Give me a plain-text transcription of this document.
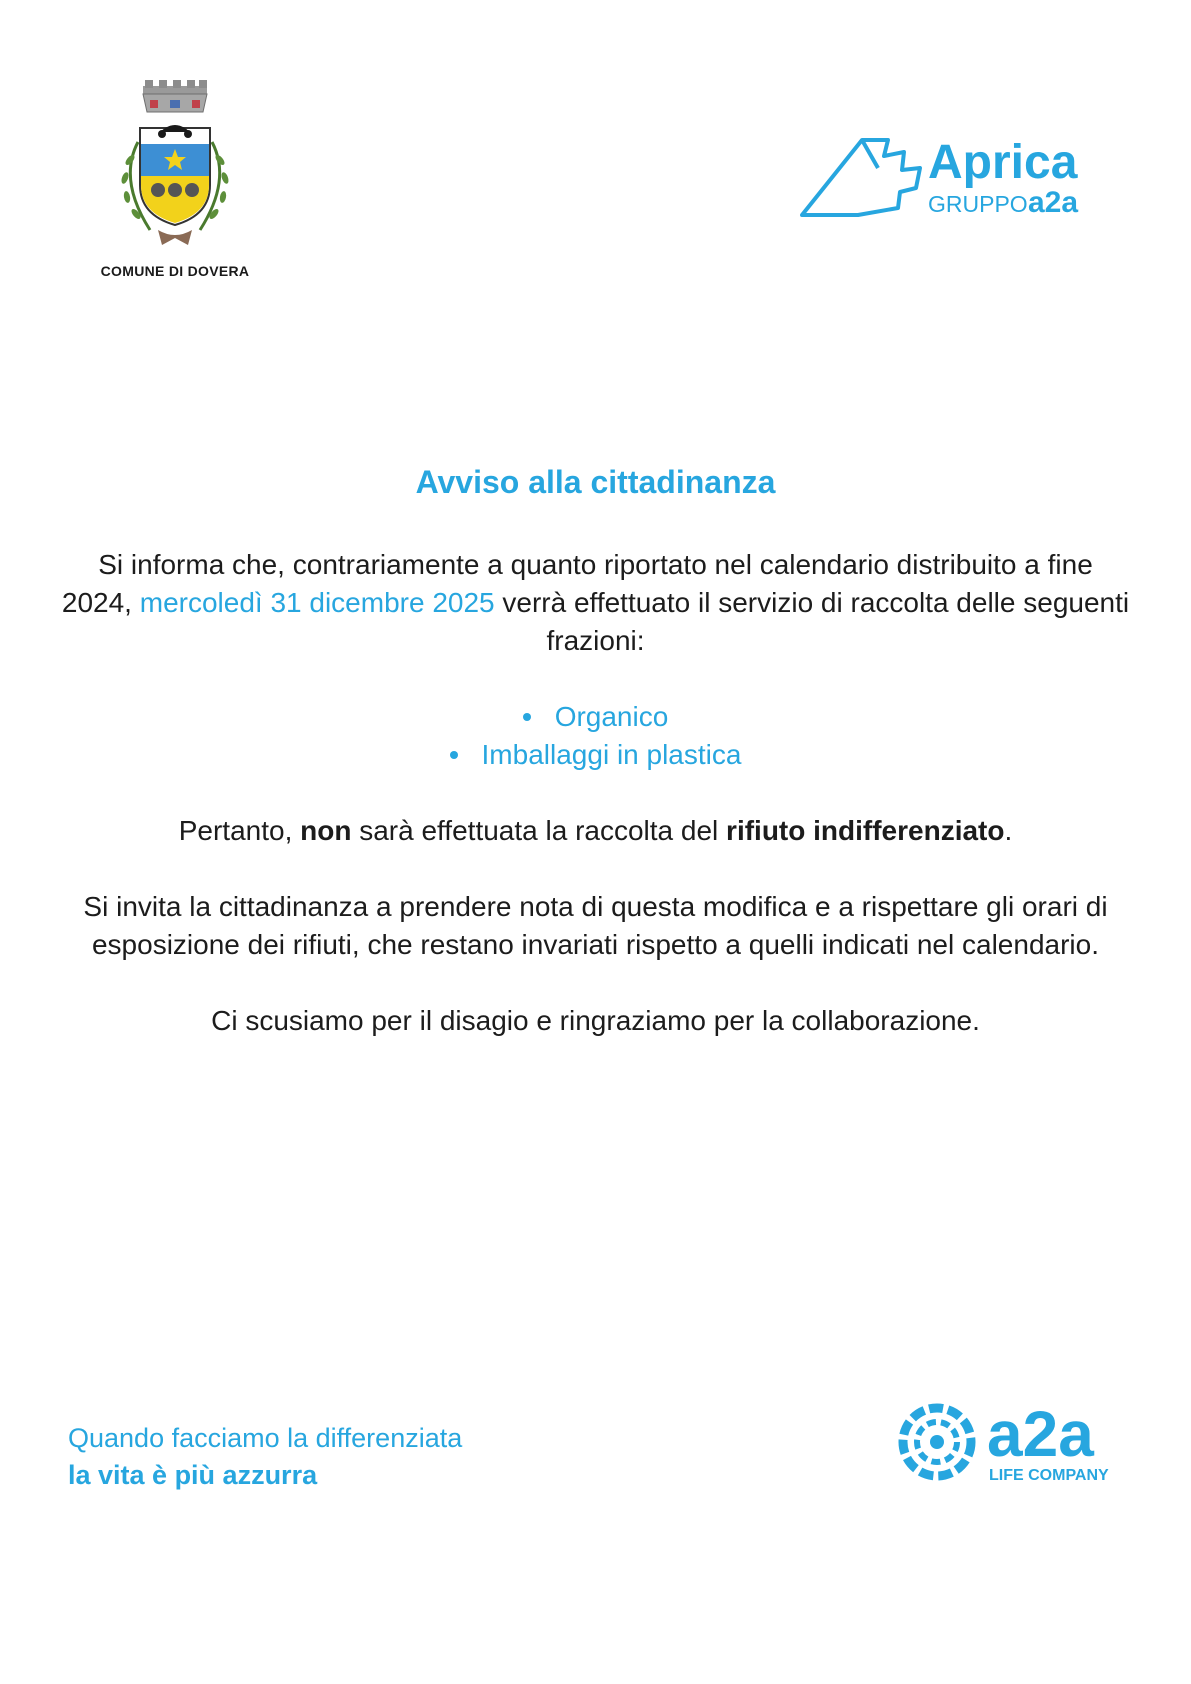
COMUNE DI DOVERA
Aprica
GRUPPO a2a
Avviso alla cittadinanza

Si informa che, contrariamente a quanto riportato nel calendario distribuito a fine 2024, mercoledì 31 dicembre 2025 verrà effettuato il servizio di raccolta delle seguenti frazioni:

Organico
Imballaggi in plastica

Pertanto, non sarà effettuata la raccolta del rifiuto indifferenziato.

Si invita la cittadinanza a prendere nota di questa modifica e a rispettare gli orari di esposizione dei rifiuti, che restano invariati rispetto a quelli indicati nel calendario.

Ci scusiamo per il disagio e ringraziamo per la collaborazione.

Quando facciamo la differenziata
la vita è più azzurra
a2a
LIFE COMPANY
